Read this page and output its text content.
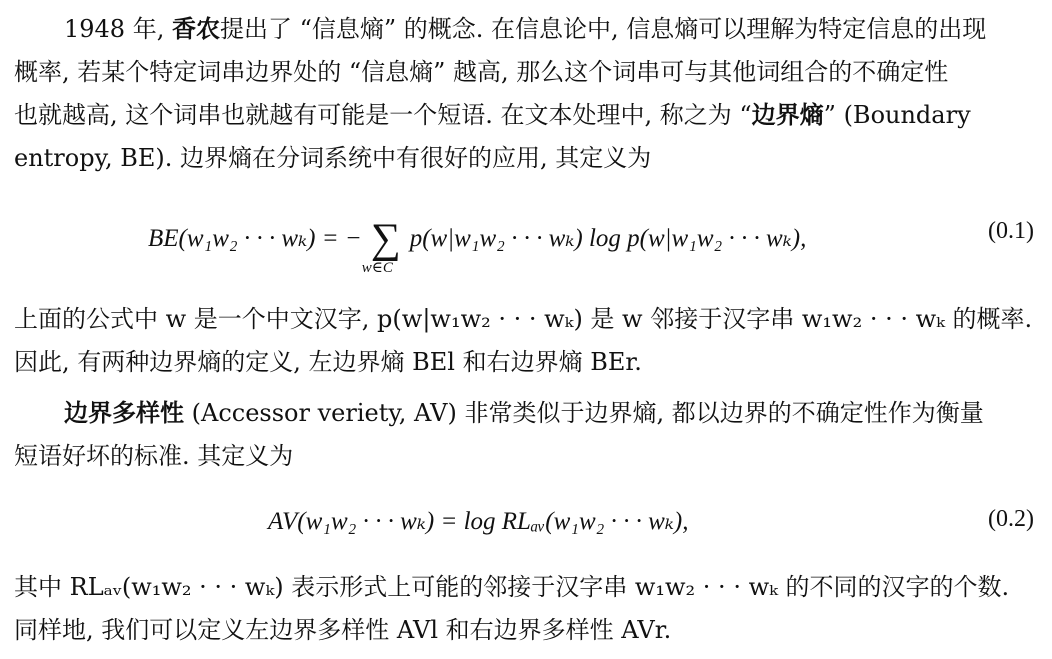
1948 年, 香农提出了 “信息熵” 的概念. 在信息论中, 信息熵可以理解为特定信息的出现
概率, 若某个特定词串边界处的 “信息熵” 越高, 那么这个词串可与其他词组合的不确定性
也就越高, 这个词串也就越有可能是一个短语. 在文本处理中, 称之为 “边界熵” (Boundary
entropy, BE). 边界熵在分词系统中有很好的应用, 其定义为
BE(w₁w₂ · · · wₖ) = − ∑
w∈C
p(w|w₁w₂ · · · wₖ) log p(w|w₁w₂ · · · wₖ),	(0.1)
上面的公式中 w 是一个中文汉字, p(w|w₁w₂ · · · wₖ) 是 w 邻接于汉字串 w₁w₂ · · · wₖ 的概率.
因此, 有两种边界熵的定义, 左边界熵 BEl 和右边界熵 BEr.
边界多样性 (Accessor veriety, AV) 非常类似于边界熵, 都以边界的不确定性作为衡量
短语好坏的标准. 其定义为
AV(w₁w₂ · · · wₖ) = log RLₐᵥ(w₁w₂ · · · wₖ),	(0.2)
其中 RLₐᵥ(w₁w₂ · · · wₖ) 表示形式上可能的邻接于汉字串 w₁w₂ · · · wₖ 的不同的汉字的个数.
同样地, 我们可以定义左边界多样性 AVl 和右边界多样性 AVr.
